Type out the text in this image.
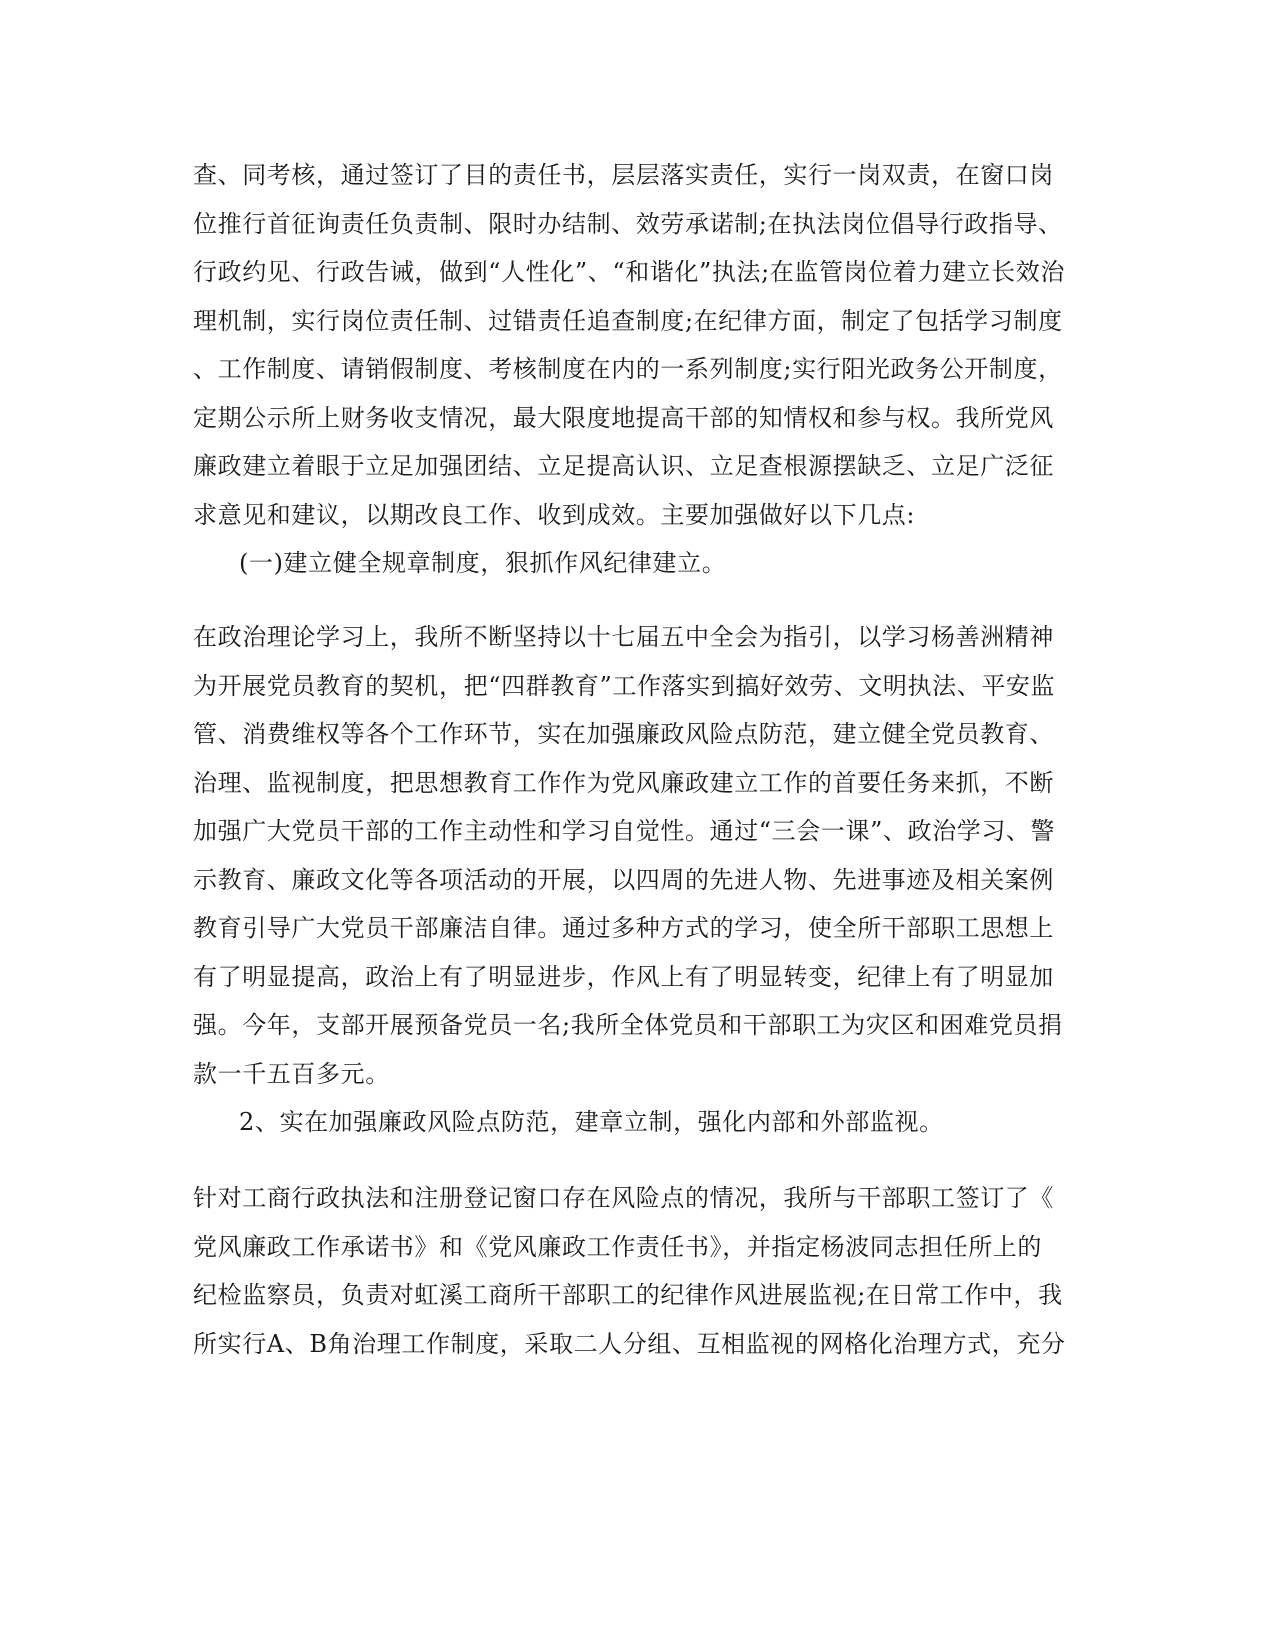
查、同考核，通过签订了目的责任书，层层落实责任，实行一岗双责，在窗口岗
位推行首征询责任负责制、限时办结制、效劳承诺制;在执法岗位倡导行政指导、
行政约见、行政告诫，做到“人性化”、“和谐化”执法;在监管岗位着力建立长效治
理机制，实行岗位责任制、过错责任追查制度;在纪律方面，制定了包括学习制度
、工作制度、请销假制度、考核制度在内的一系列制度;实行阳光政务公开制度，
定期公示所上财务收支情况，最大限度地提高干部的知情权和参与权。我所党风
廉政建立着眼于立足加强团结、立足提高认识、立足查根源摆缺乏、立足广泛征
求意见和建议，以期改良工作、收到成效。主要加强做好以下几点:
(一)建立健全规章制度，狠抓作风纪律建立。
在政治理论学习上，我所不断坚持以十七届五中全会为指引，以学习杨善洲精神
为开展党员教育的契机，把“四群教育”工作落实到搞好效劳、文明执法、平安监
管、消费维权等各个工作环节，实在加强廉政风险点防范，建立健全党员教育、
治理、监视制度，把思想教育工作作为党风廉政建立工作的首要任务来抓，不断
加强广大党员干部的工作主动性和学习自觉性。通过“三会一课”、政治学习、警
示教育、廉政文化等各项活动的开展，以四周的先进人物、先进事迹及相关案例
教育引导广大党员干部廉洁自律。通过多种方式的学习，使全所干部职工思想上
有了明显提高，政治上有了明显进步，作风上有了明显转变，纪律上有了明显加
强。今年，支部开展预备党员一名;我所全体党员和干部职工为灾区和困难党员捐
款一千五百多元。
2、实在加强廉政风险点防范，建章立制，强化内部和外部监视。
针对工商行政执法和注册登记窗口存在风险点的情况，我所与干部职工签订了《
党风廉政工作承诺书》和《党风廉政工作责任书》，并指定杨波同志担任所上的
纪检监察员，负责对虹溪工商所干部职工的纪律作风进展监视;在日常工作中，我
所实行A、B角治理工作制度，采取二人分组、互相监视的网格化治理方式，充分
